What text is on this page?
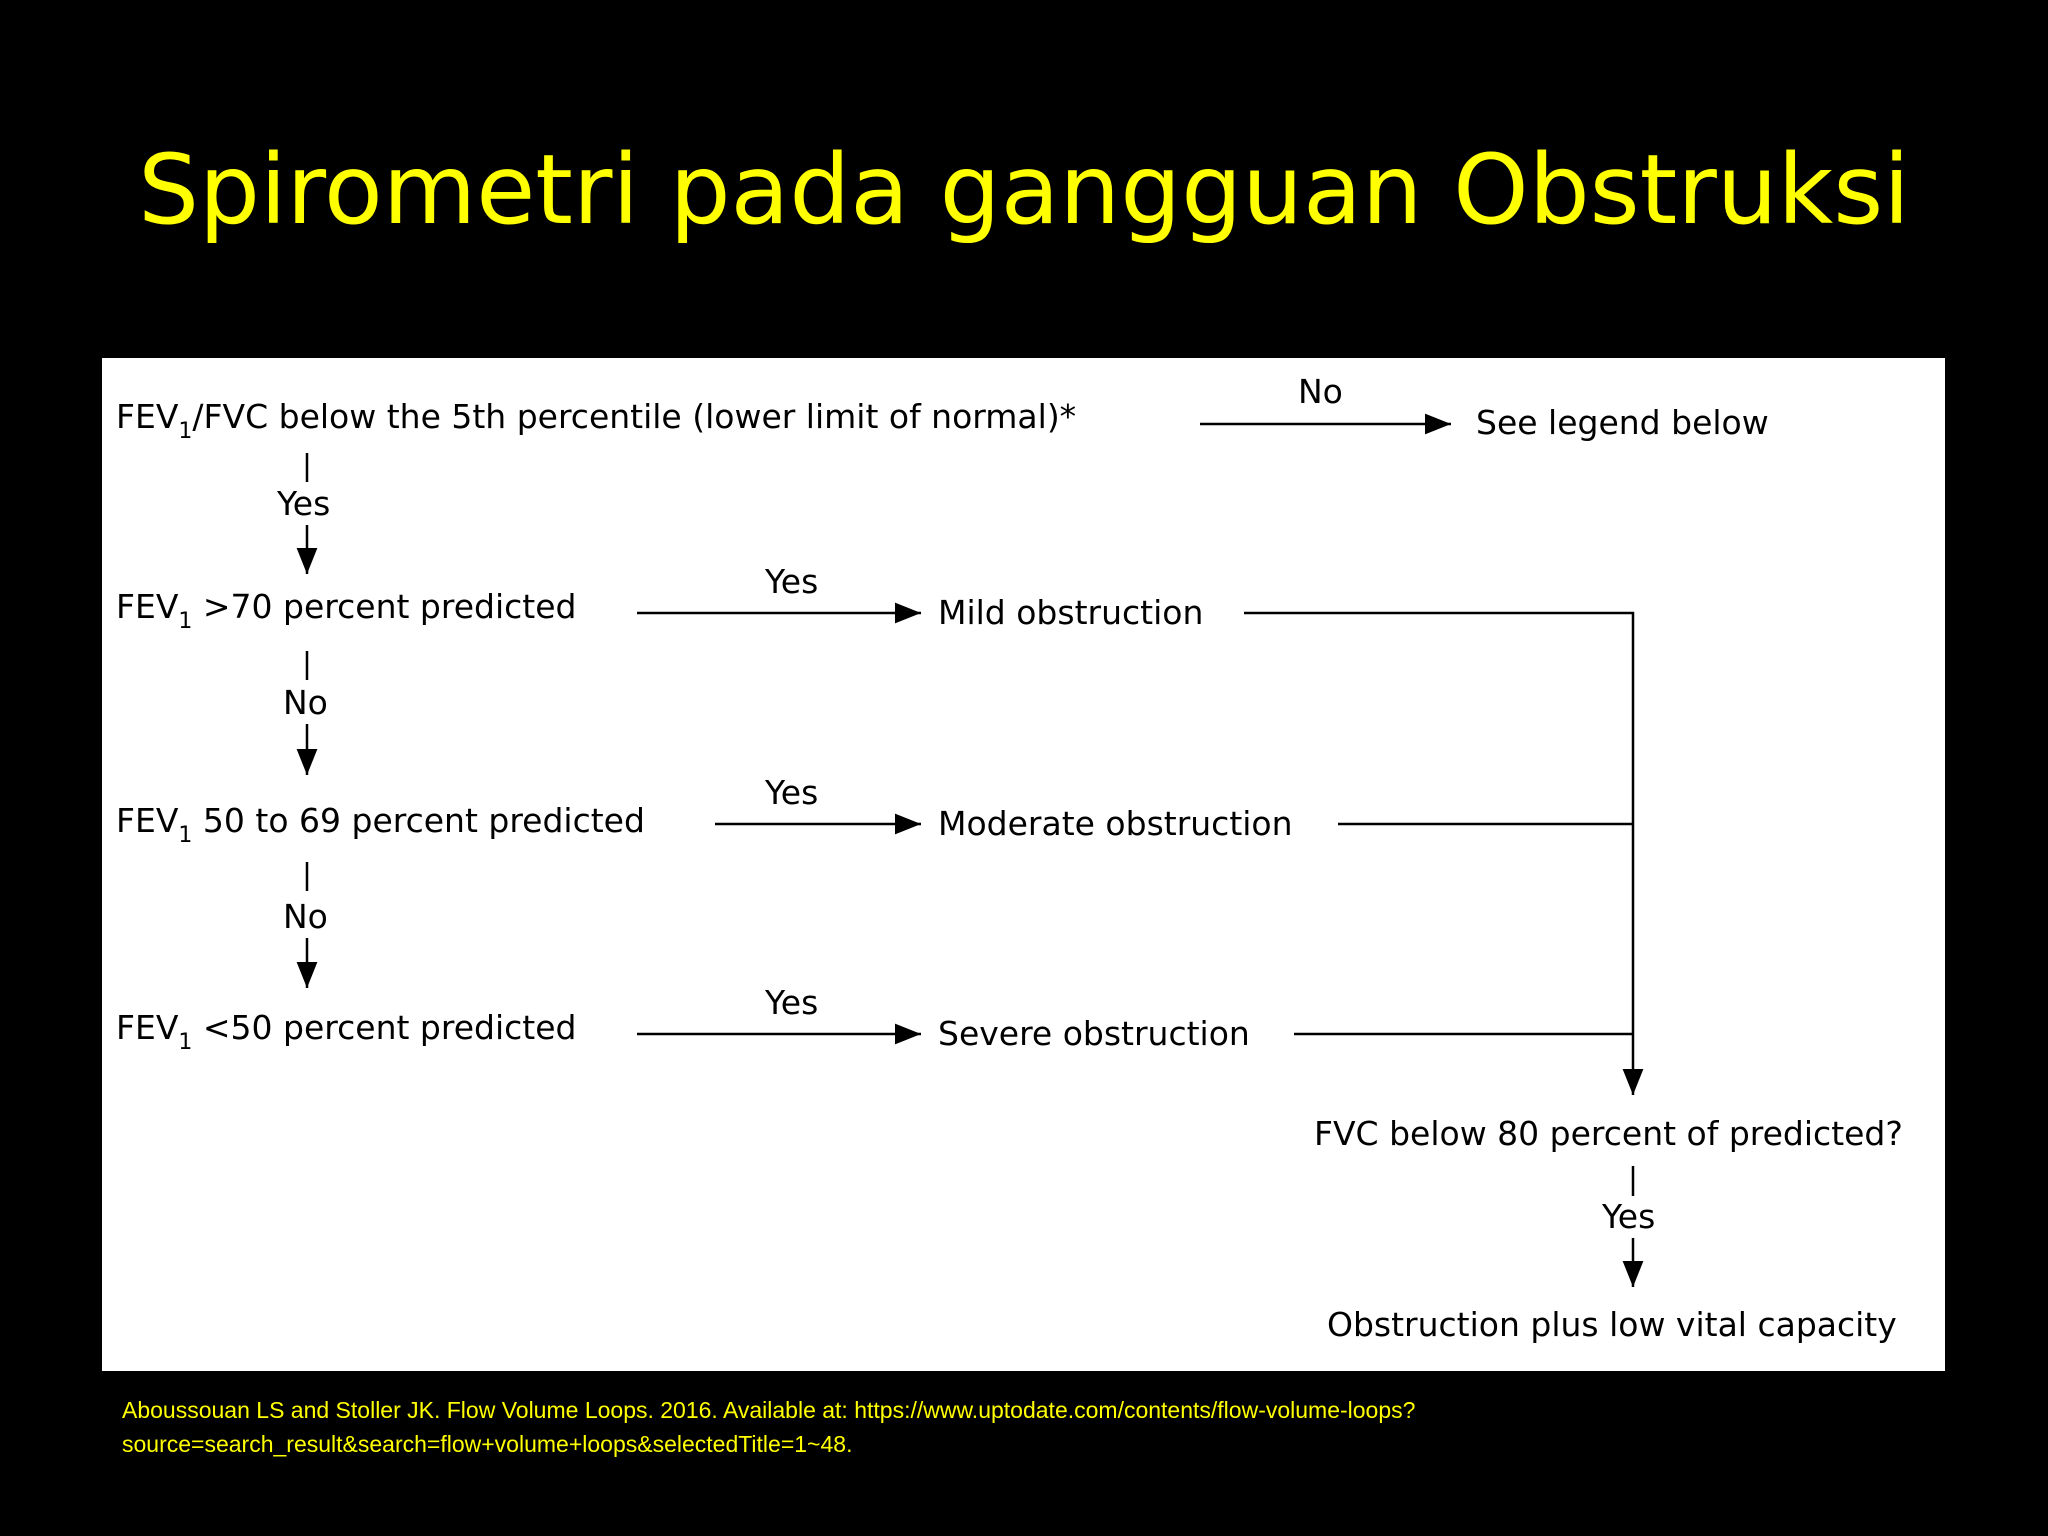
Spirometri pada gangguan Obstruksi
$FEV_1$/FVC below the 5th percentile (lower limit of normal)*
No
See legend below
Yes
$FEV_1 >70$ percent predicted
Yes
Mild obstruction
No
$FEV_1$ 50 to 69 percent predicted
Yes
Moderate obstruction
No
$FEV_1 <50$ percent predicted
Yes
Severe obstruction
FVC below 80 percent of predicted?
Yes
Obstruction plus low vital capacity
Aboussouan LS and Stoller JK. Flow Volume Loops. 2016. Available at: https://www.uptodate.com/contents/flow-volume-loops?source=search_result&search=flow+volume+loops&selectedTitle=1~48.
